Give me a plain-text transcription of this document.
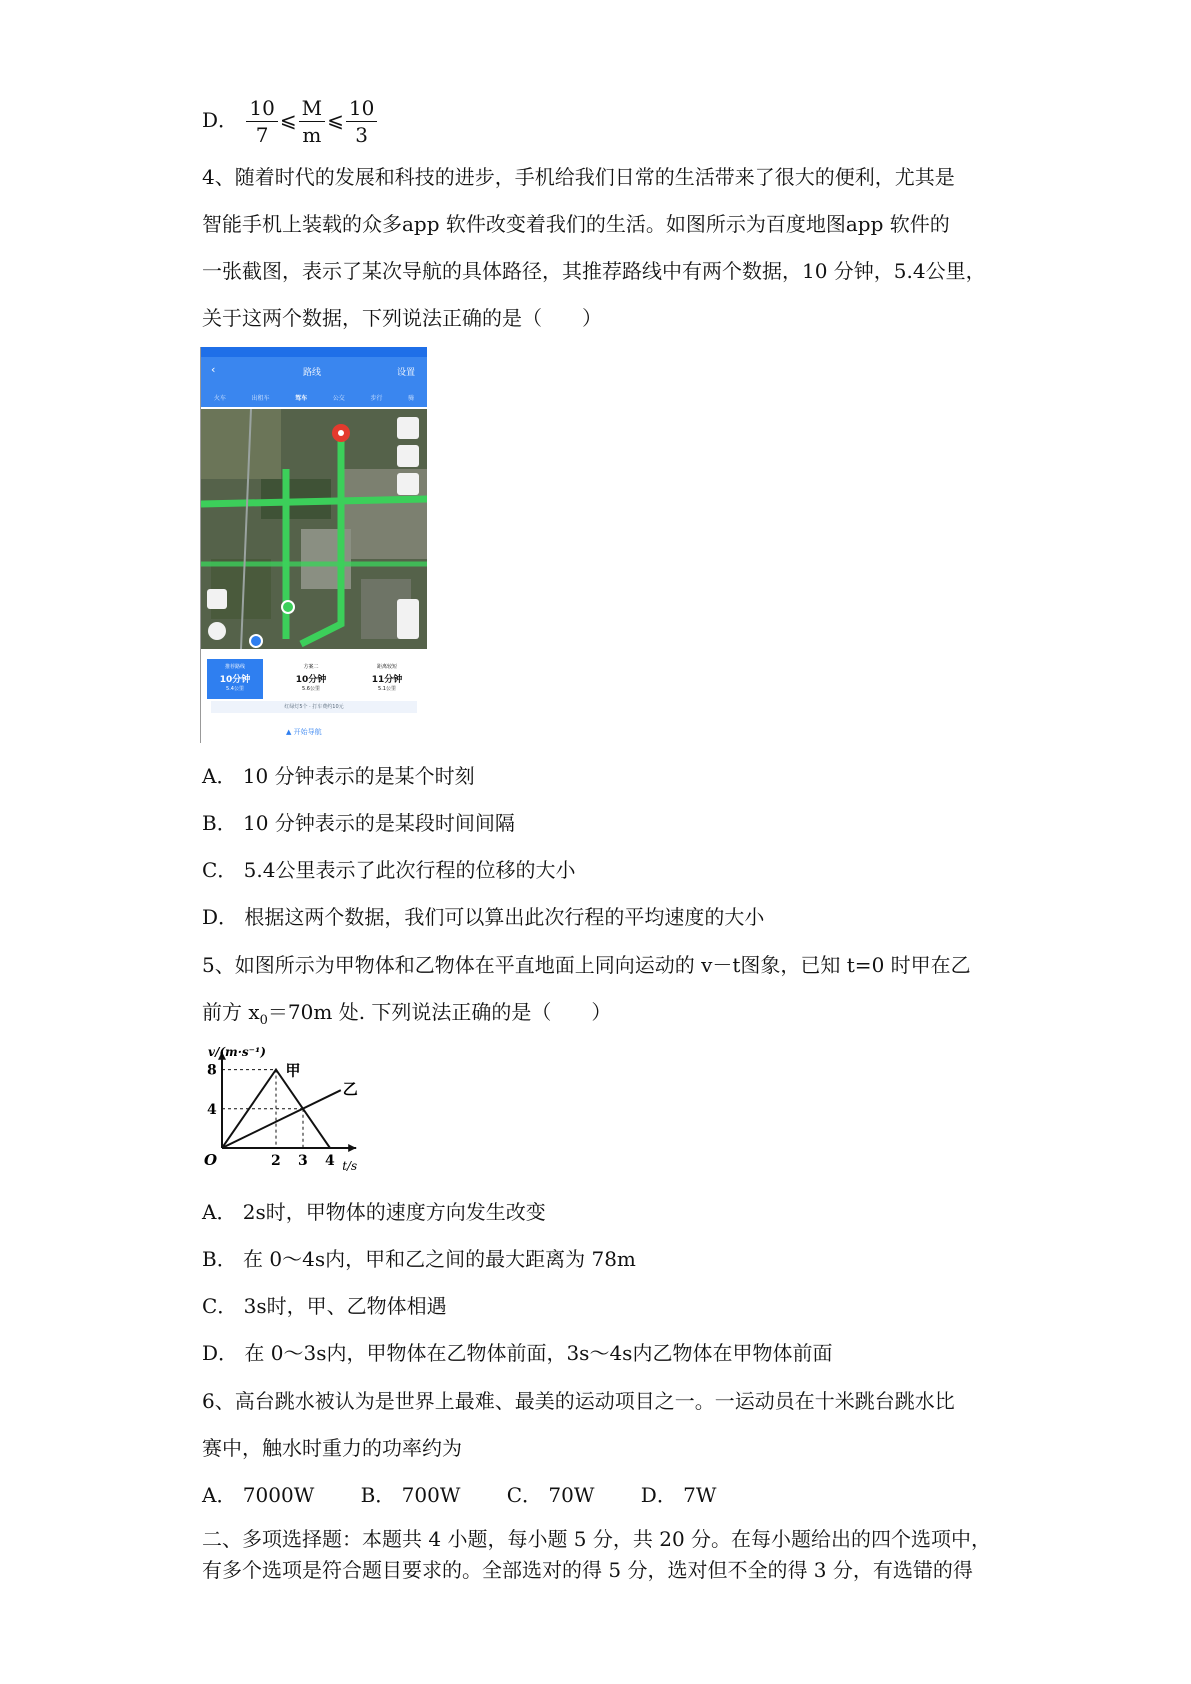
D． $\frac{10}{7}$ ⩽ $\frac{M}{m}$ ⩽ $\frac{10}{3}$
4、随着时代的发展和科技的进步，手机给我们日常的生活带来了很大的便利，尤其是
智能手机上装载的众多app 软件改变着我们的生活。如图所示为百度地图app 软件的
一张截图，表示了某次导航的具体路径，其推荐路线中有两个数据，10 分钟，5.4公里，
关于这两个数据，下列说法正确的是（　　）
‹	路线	设置
火车	出租车	驾车	公交	步行	骑
推荐路线
10分钟
5.4公里
方案二
10分钟
5.6公里
距离较短
11分钟
5.1公里
红绿灯5个 · 打车费约10元
▲ 开始导航
A． 10 分钟表示的是某个时刻
B． 10 分钟表示的是某段时间间隔
C． 5.4公里表示了此次行程的位移的大小
D． 根据这两个数据，我们可以算出此次行程的平均速度的大小
5、如图所示为甲物体和乙物体在平直地面上同向运动的 v－t图象，已知 t=0 时甲在乙
前方 $x_0=70m$ 处. 下列说法正确的是（　　）
甲
乙
2 3 4
4
8
O	t/s
v/(m·s⁻¹)
A． 2s时，甲物体的速度方向发生改变
B． 在 0～4s内，甲和乙之间的最大距离为 78m
C． 3s时，甲、乙物体相遇
D． 在 0～3s内，甲物体在乙物体前面，3s～4s内乙物体在甲物体前面
6、高台跳水被认为是世界上最难、最美的运动项目之一。一运动员在十米跳台跳水比
赛中，触水时重力的功率约为
A． 7000W　　 B． 700W　　 C． 70W　　 D． 7W
二、多项选择题：本题共 4 小题，每小题 5 分，共 20 分。在每小题给出的四个选项中，
有多个选项是符合题目要求的。全部选对的得 5 分，选对但不全的得 3 分，有选错的得
